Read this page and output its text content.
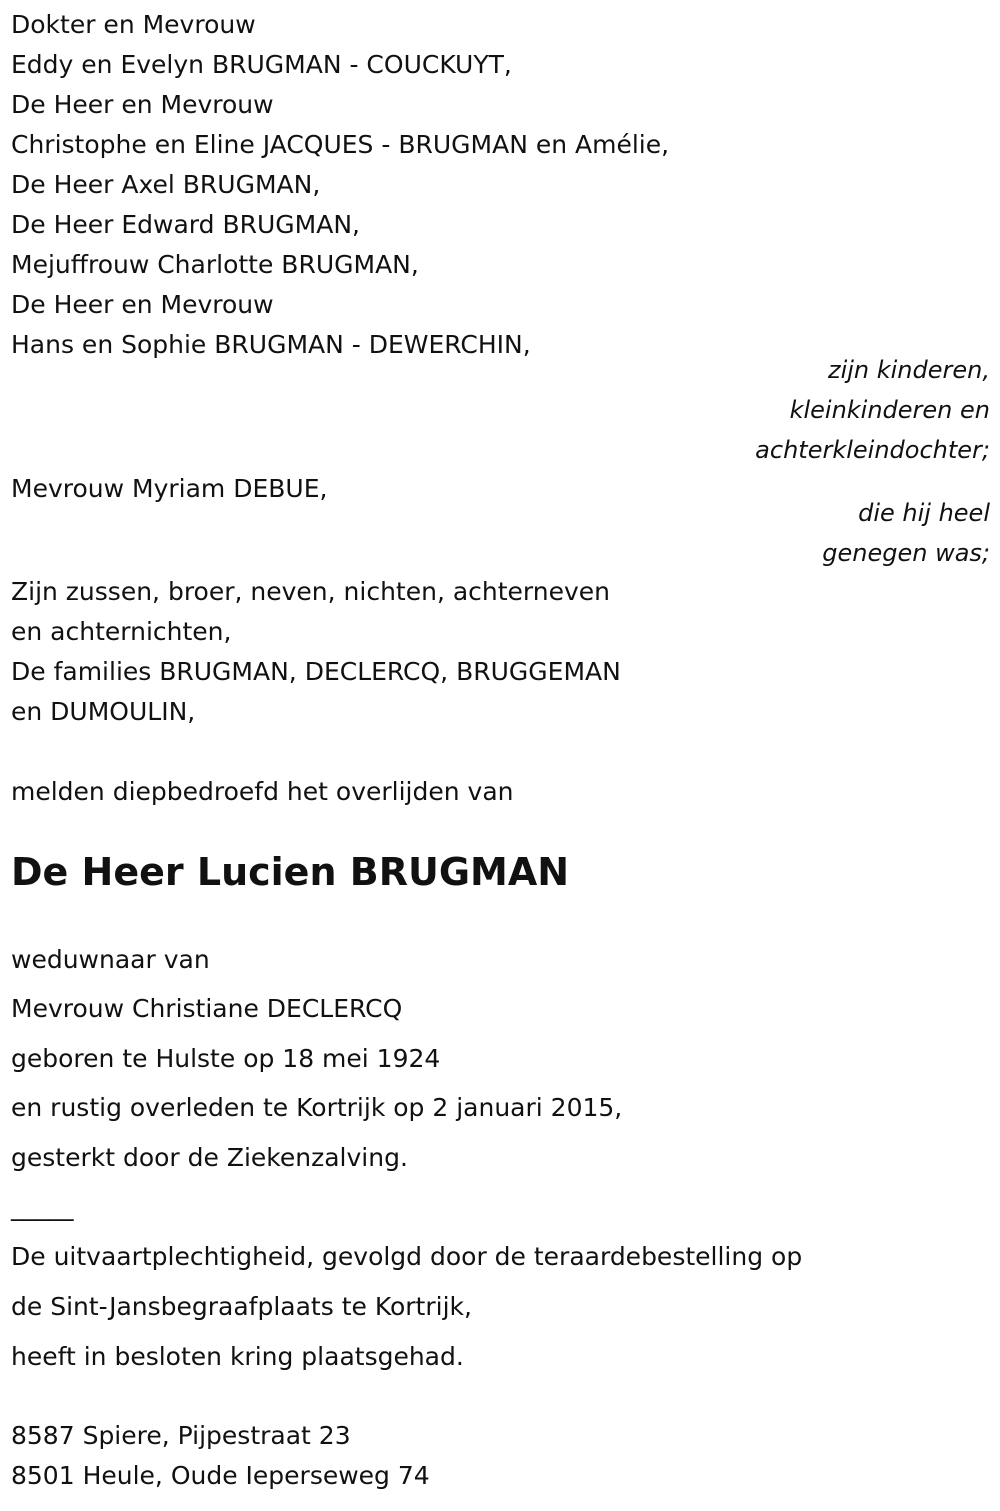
Dokter en Mevrouw

Eddy en Evelyn BRUGMAN - COUCKUYT,

De Heer en Mevrouw

Christophe en Eline JACQUES - BRUGMAN en Amélie,

De Heer Axel BRUGMAN,

De Heer Edward BRUGMAN,

Mejuffrouw Charlotte BRUGMAN,

De Heer en Mevrouw

Hans en Sophie BRUGMAN - DEWERCHIN,

zijn kinderen,

kleinkinderen en

achterkleindochter;

Mevrouw Myriam DEBUE,

die hij heel

genegen was;

Zijn zussen, broer, neven, nichten, achterneven

en achternichten,

De families BRUGMAN, DECLERCQ, BRUGGEMAN

en DUMOULIN,

melden diepbedroefd het overlijden van

De Heer Lucien BRUGMAN

weduwnaar van

Mevrouw Christiane DECLERCQ

geboren te Hulste op 18 mei 1924

en rustig overleden te Kortrijk op 2 januari 2015,

gesterkt door de Ziekenzalving.

_____

De uitvaartplechtigheid, gevolgd door de teraardebestelling op

de Sint-Jansbegraafplaats te Kortrijk,

heeft in besloten kring plaatsgehad.

8587 Spiere, Pijpestraat 23

8501 Heule, Oude Ieperseweg 74
